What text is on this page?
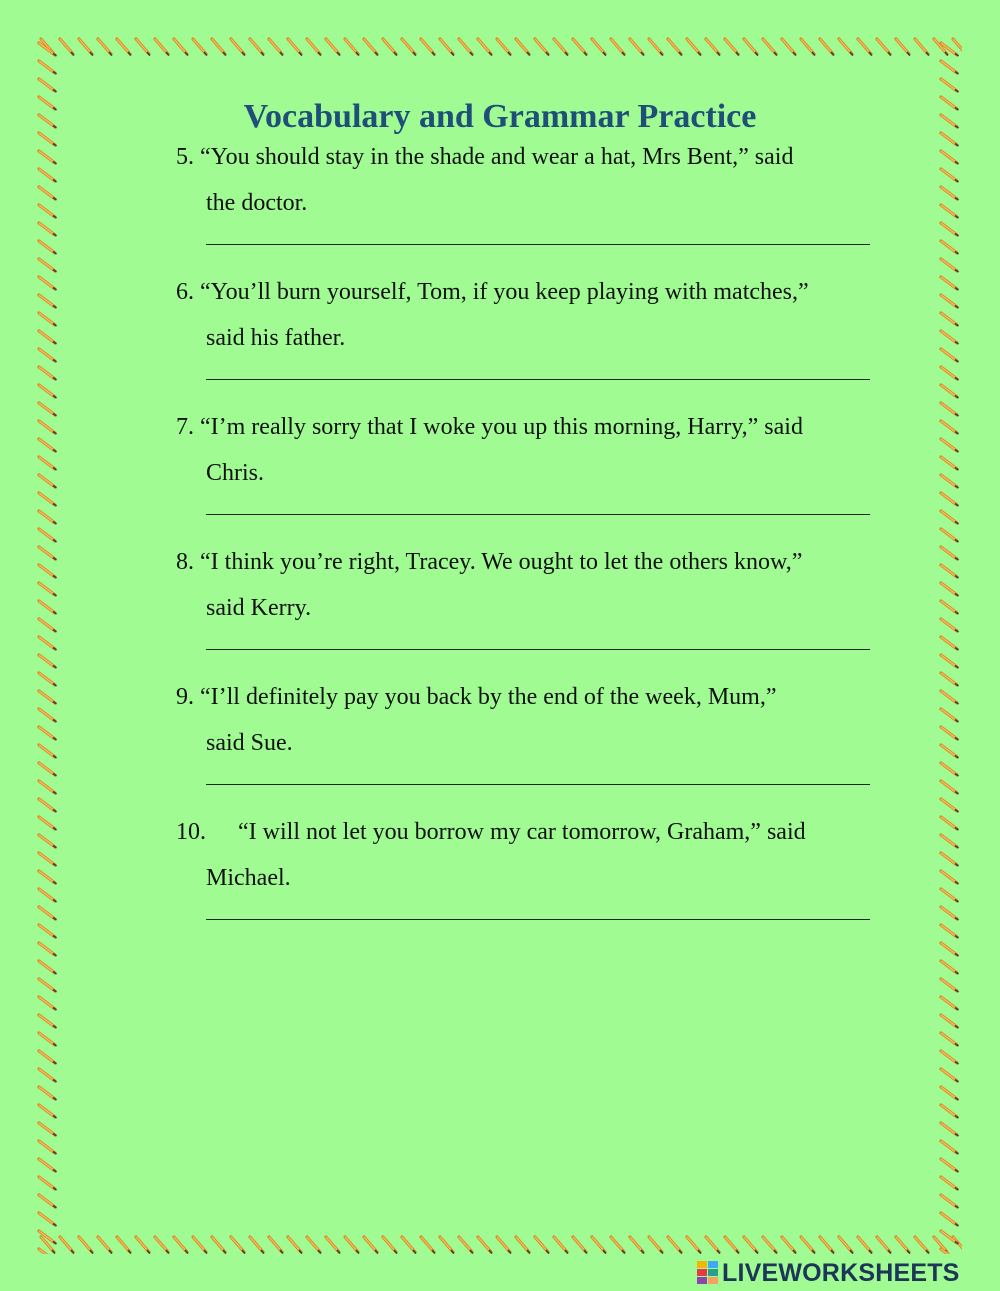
Vocabulary and Grammar Practice
5. “You should stay in the shade and wear a hat, Mrs Bent,” said
the doctor.
6. “You’ll burn yourself, Tom, if you keep playing with matches,”
said his father.
7. “I’m really sorry that I woke you up this morning, Harry,” said
Chris.
8. “I think you’re right, Tracey. We ought to let the others know,”
said Kerry.
9. “I’ll definitely pay you back by the end of the week, Mum,”
said Sue.
10. “I will not let you borrow my car tomorrow, Graham,” said
Michael.
LIVEWORKSHEETS
